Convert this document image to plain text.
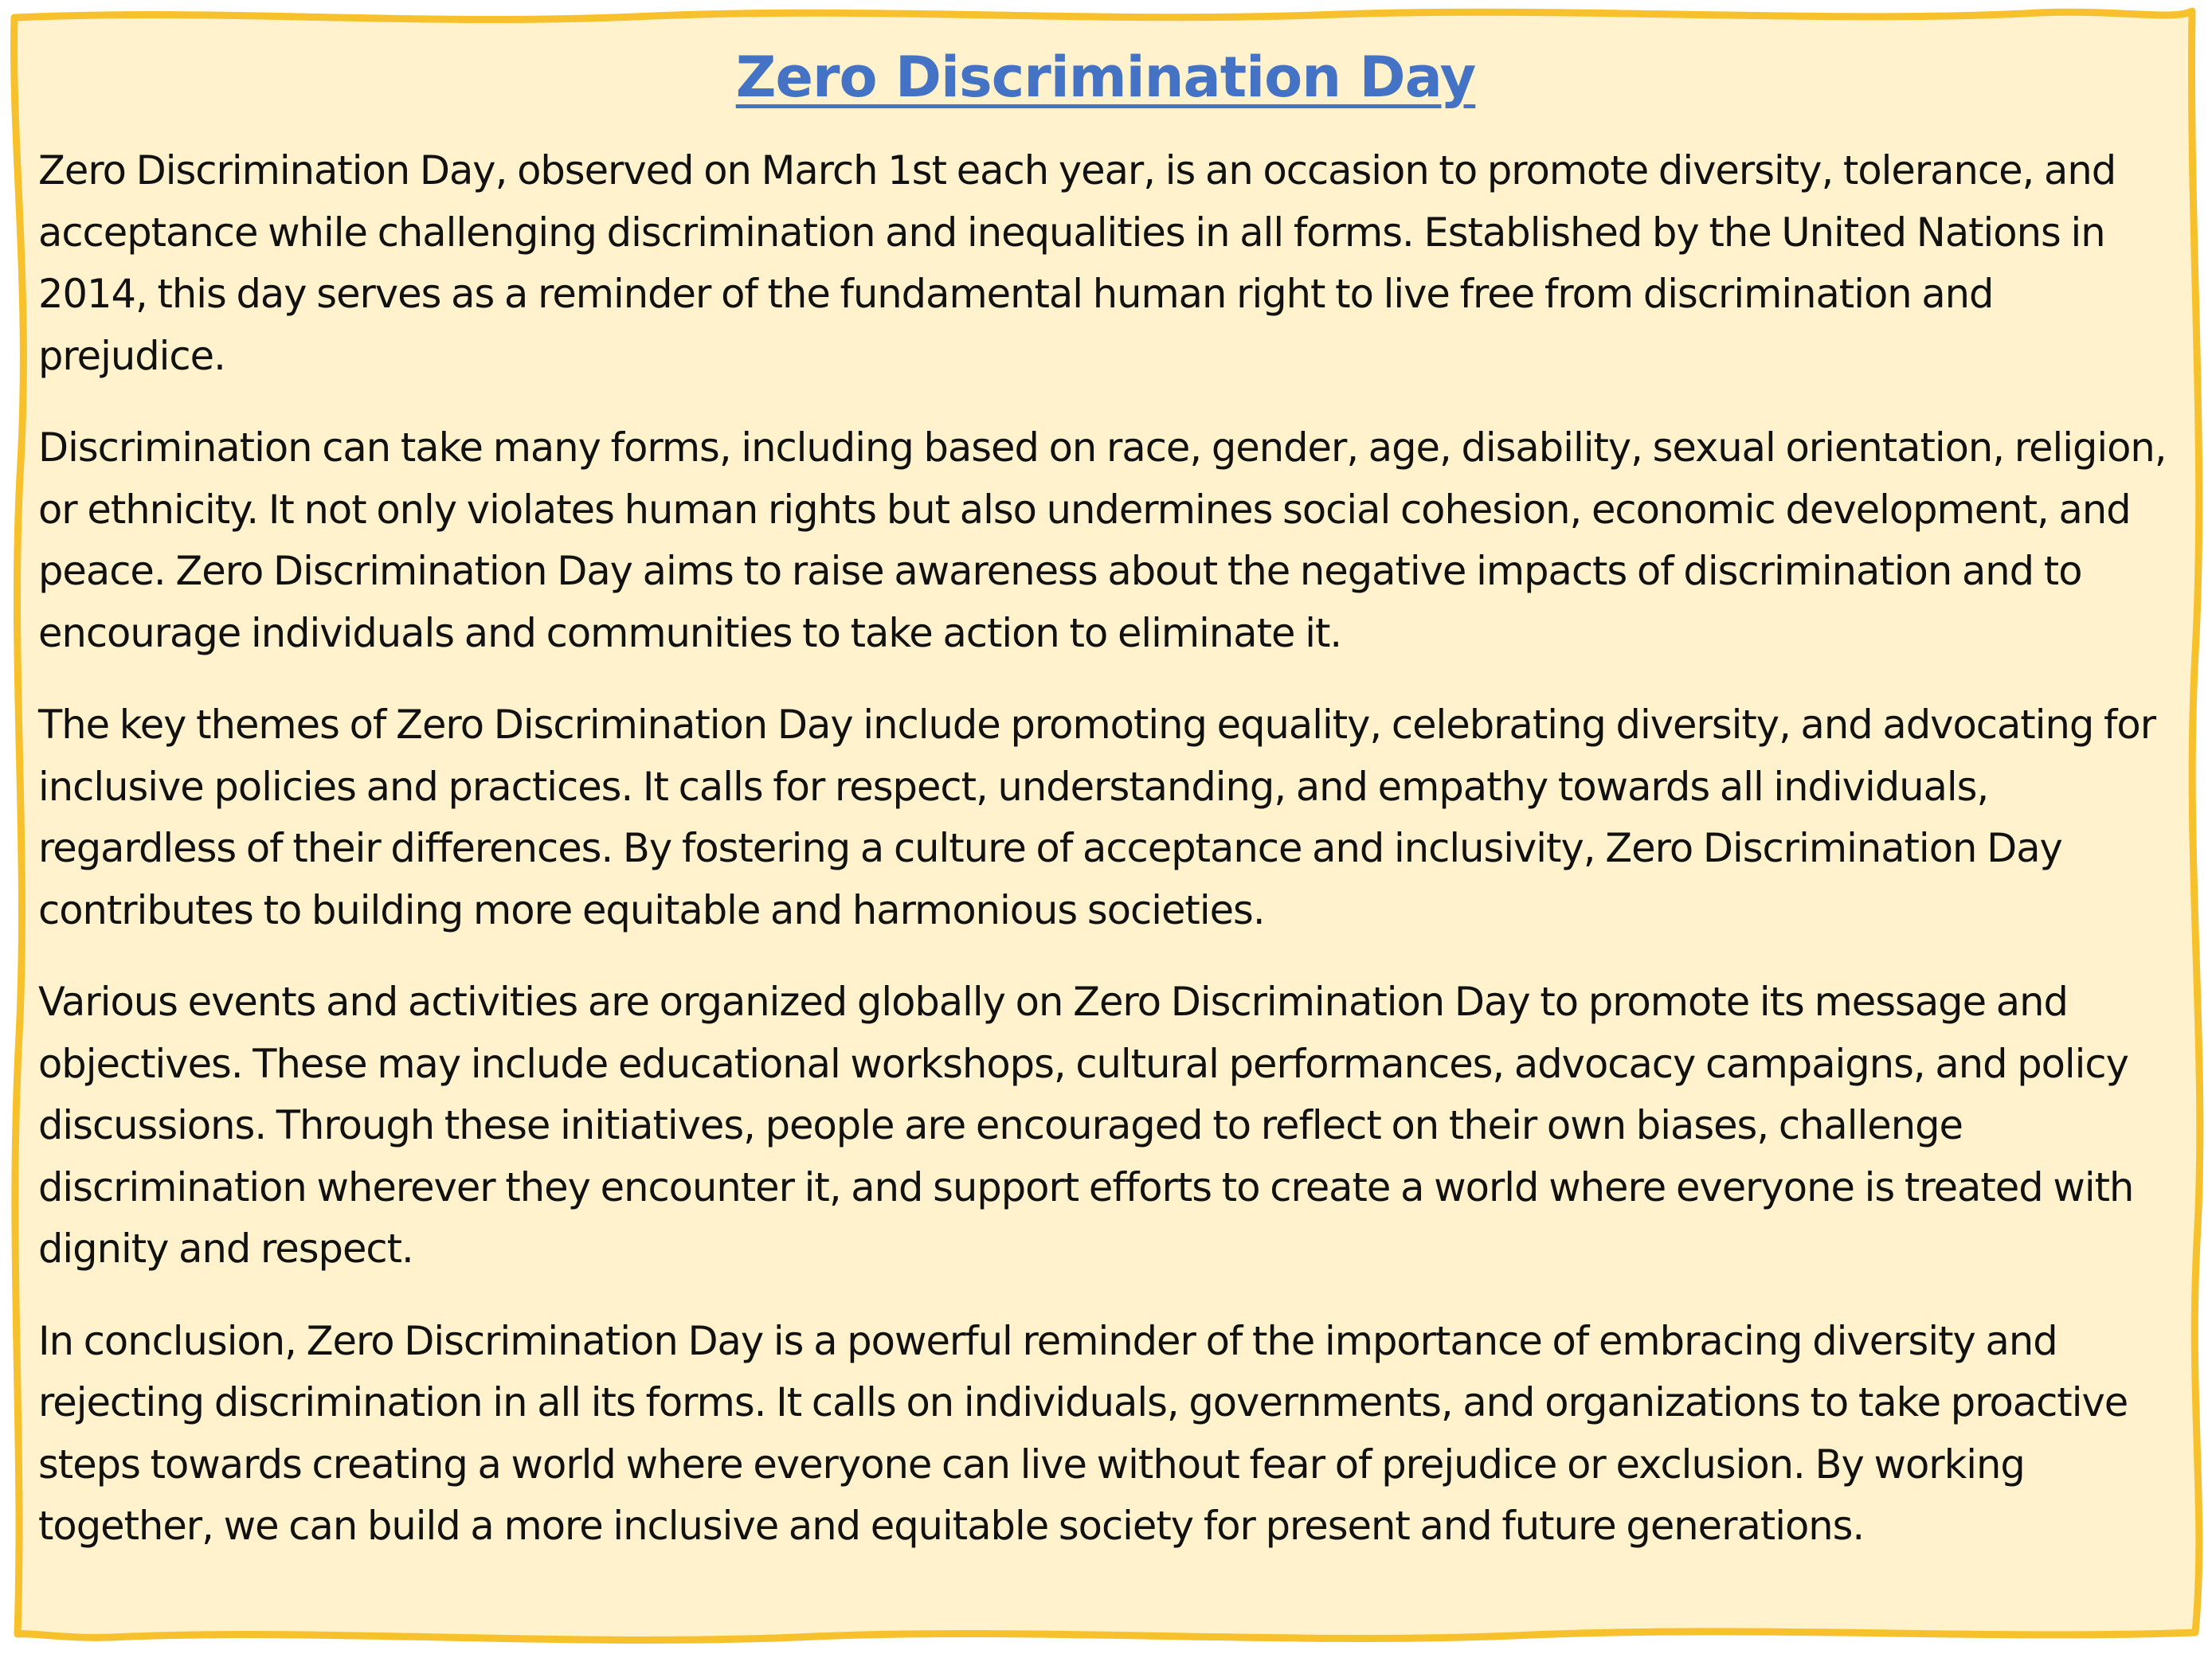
Zero Discrimination Day

Zero Discrimination Day, observed on March 1st each year, is an occasion to promote diversity, tolerance, and acceptance while challenging discrimination and inequalities in all forms. Established by the United Nations in 2014, this day serves as a reminder of the fundamental human right to live free from discrimination and prejudice.

Discrimination can take many forms, including based on race, gender, age, disability, sexual orientation, religion, or ethnicity. It not only violates human rights but also undermines social cohesion, economic development, and peace. Zero Discrimination Day aims to raise awareness about the negative impacts of discrimination and to encourage individuals and communities to take action to eliminate it.

The key themes of Zero Discrimination Day include promoting equality, celebrating diversity, and advocating for inclusive policies and practices. It calls for respect, understanding, and empathy towards all individuals, regardless of their differences. By fostering a culture of acceptance and inclusivity, Zero Discrimination Day contributes to building more equitable and harmonious societies.

Various events and activities are organized globally on Zero Discrimination Day to promote its message and objectives. These may include educational workshops, cultural performances, advocacy campaigns, and policy discussions. Through these initiatives, people are encouraged to reflect on their own biases, challenge discrimination wherever they encounter it, and support efforts to create a world where everyone is treated with dignity and respect.

In conclusion, Zero Discrimination Day is a powerful reminder of the importance of embracing diversity and rejecting discrimination in all its forms. It calls on individuals, governments, and organizations to take proactive steps towards creating a world where everyone can live without fear of prejudice or exclusion. By working together, we can build a more inclusive and equitable society for present and future generations.
